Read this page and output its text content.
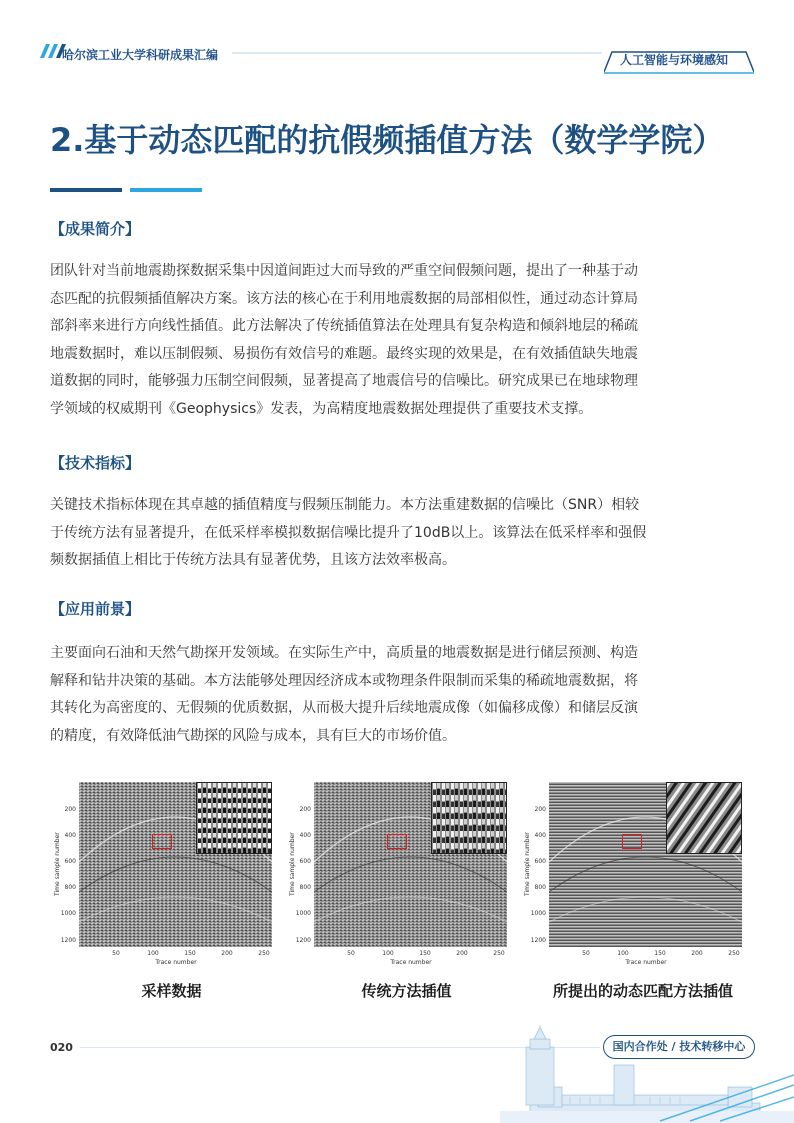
哈尔滨工业大学科研成果汇编	人工智能与环境感知
2.基于动态匹配的抗假频插值方法（数学学院）
【成果简介】
团队针对当前地震勘探数据采集中因道间距过大而导致的严重空间假频问题，提出了一种基于动
态匹配的抗假频插值解决方案。该方法的核心在于利用地震数据的局部相似性，通过动态计算局
部斜率来进行方向线性插值。此方法解决了传统插值算法在处理具有复杂构造和倾斜地层的稀疏
地震数据时，难以压制假频、易损伤有效信号的难题。最终实现的效果是，在有效插值缺失地震
道数据的同时，能够强力压制空间假频，显著提高了地震信号的信噪比。研究成果已在地球物理
学领域的权威期刊《Geophysics》发表，为高精度地震数据处理提供了重要技术支撑。
【技术指标】
关键技术指标体现在其卓越的插值精度与假频压制能力。本方法重建数据的信噪比（SNR）相较
于传统方法有显著提升，在低采样率模拟数据信噪比提升了10dB以上。该算法在低采样率和强假
频数据插值上相比于传统方法具有显著优势，且该方法效率极高。
【应用前景】
主要面向石油和天然气勘探开发领域。在实际生产中，高质量的地震数据是进行储层预测、构造
解释和钻井决策的基础。本方法能够处理因经济成本或物理条件限制而采集的稀疏地震数据，将
其转化为高密度的、无假频的优质数据，从而极大提升后续地震成像（如偏移成像）和储层反演
的精度，有效降低油气勘探的风险与成本，具有巨大的市场价值。
Time sample number
200
400
600
800
1000
1200
50	100	150	200	250
Trace number
Time sample number
200
400
600
800
1000
1200
50	100	150	200	250
Trace number
Time sample number
200
400
600
800
1000
1200
50	100	150	200	250
Trace number
采样数据	传统方法插值	所提出的动态匹配方法插值
020	国内合作处 / 技术转移中心
